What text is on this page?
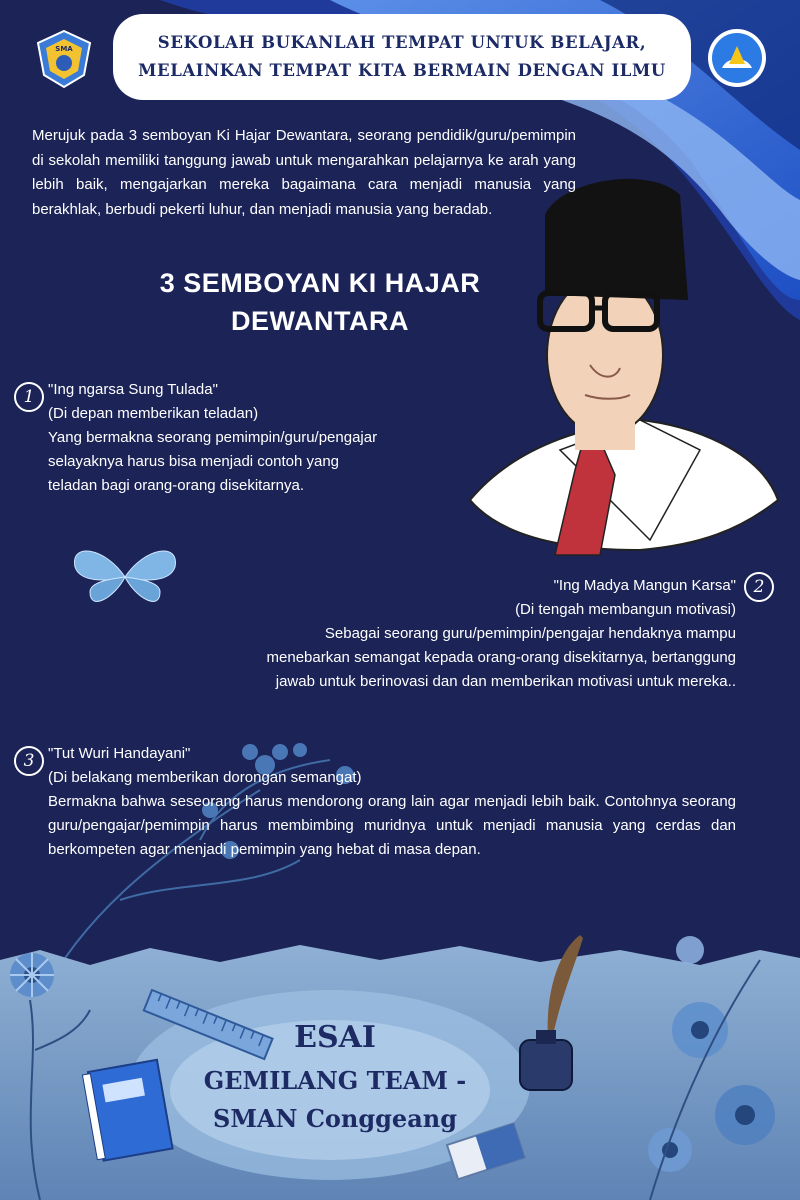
SMA	SEKOLAH BUKANLAH TEMPAT UNTUK BELAJAR,
MELAINKAN TEMPAT KITA BERMAIN DENGAN ILMU
Merujuk pada 3 semboyan Ki Hajar Dewantara, seorang pendidik/guru/pemimpin di sekolah memiliki tanggung jawab untuk mengarahkan pelajarnya ke arah yang lebih baik, mengajarkan mereka bagaimana cara menjadi manusia yang berakhlak, berbudi pekerti luhur, dan menjadi manusia yang beradab.
3 SEMBOYAN KI HAJAR
DEWANTARA
1 "Ing ngarsa Sung Tulada"
(Di depan memberikan teladan)
Yang bermakna seorang pemimpin/guru/pengajar
selayaknya harus bisa menjadi contoh yang
teladan bagi orang-orang disekitarnya.
2
"Ing Madya Mangun Karsa"
(Di tengah membangun motivasi)
Sebagai seorang guru/pemimpin/pengajar hendaknya mampu
menebarkan semangat kepada orang-orang disekitarnya, bertanggung
jawab untuk berinovasi dan dan memberikan motivasi untuk mereka..
3 "Tut Wuri Handayani"
(Di belakang memberikan dorongan semangat)

Bermakna bahwa seseorang harus mendorong orang lain agar menjadi lebih baik. Contohnya seorang guru/pengajar/pemimpin harus membimbing muridnya untuk menjadi manusia yang cerdas dan berkompeten agar menjadi pemimpin yang hebat di masa depan.

ESAI
GEMILANG TEAM -
SMAN Conggeang
